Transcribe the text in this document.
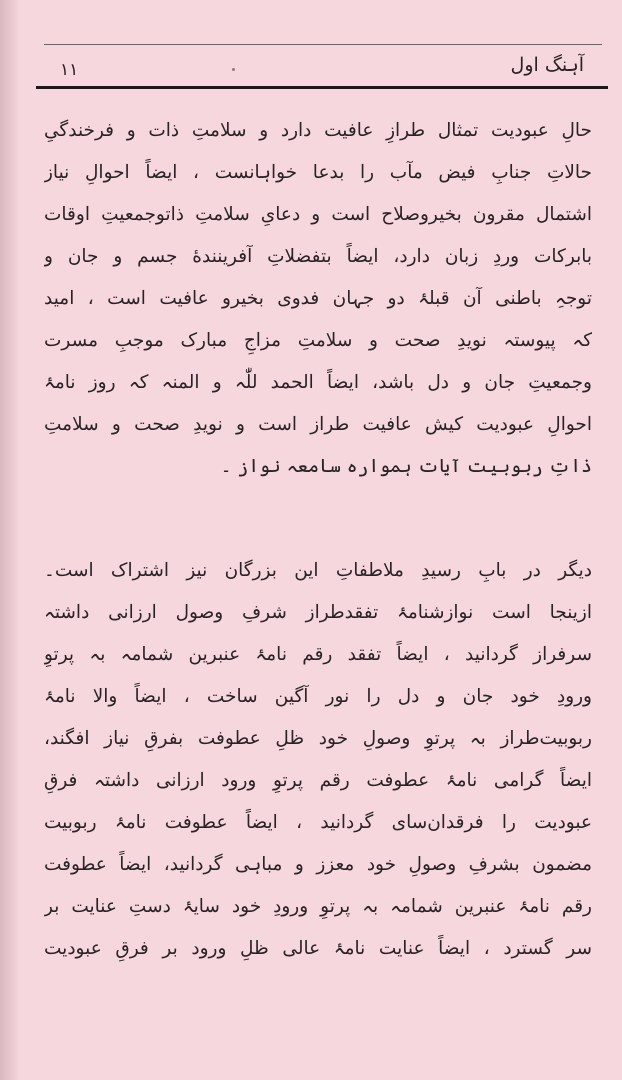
۱۱	آہنگ اول
حالِ عبودیت تمثال طرازِ عافیت دارد و سلامتِ ذات و فرخندگیِ
حالاتِ جنابِ فیض مآب را بدعا خواہانست ، ایضاً احوالِ نیاز
اشتمال مقرون بخیروصلاح است و دعایِ سلامتِ ذاتوجمعیتِ اوقات
بابرکات وردِ زبان دارد، ایضاً بتفضلاتِ آفرینندهٔ جسم و جان و
توجہِ باطنی آن قبلۂ دو جہان فدوی بخیرو عافیت است ، امید
کہ پیوستہ نویدِ صحت و سلامتِ مزاجِ مبارک موجبِ مسرت
وجمعیتِ جان و دل باشد، ایضاً الحمد للّٰہ و المنہ کہ روز نامۂ
احوالِ عبودیت کیش عافیت طراز است و نویدِ صحت و سلامتِ
ذاتِ ربوبیت آیات ہموارہ سامعہ نواز ۔
دیگر در بابِ رسیدِ ملاطفاتِ این بزرگان نیز اشتراک است۔
ازینجا است نوازشنامۂ تفقدطراز شرفِ وصول ارزانی داشتہ
سرفراز گردانید ، ایضاً تفقد رقم نامۂ عنبرین شمامہ بہ پرتوِ
ورودِ خود جان و دل را نور آگین ساخت ، ایضاً والا نامۂ
ربوبیت‌طراز بہ پرتوِ وصولِ خود ظلِ عطوفت بفرقِ نیاز افگند،
ایضاً گرامی نامۂ عطوفت رقم پرتوِ ورود ارزانی داشتہ فرقِ
عبودیت را فرقدان‌سای گردانید ، ایضاً عطوفت نامۂ ربوبیت
مضمون بشرفِ وصولِ خود معزز و مباہی گردانید، ایضاً عطوفت
رقم نامۂ عنبرین شمامہ بہ پرتوِ ورودِ خود سایۂ دستِ عنایت بر
سر گسترد ، ایضاً عنایت نامۂ عالی ظلِ ورود بر فرقِ عبودیت
